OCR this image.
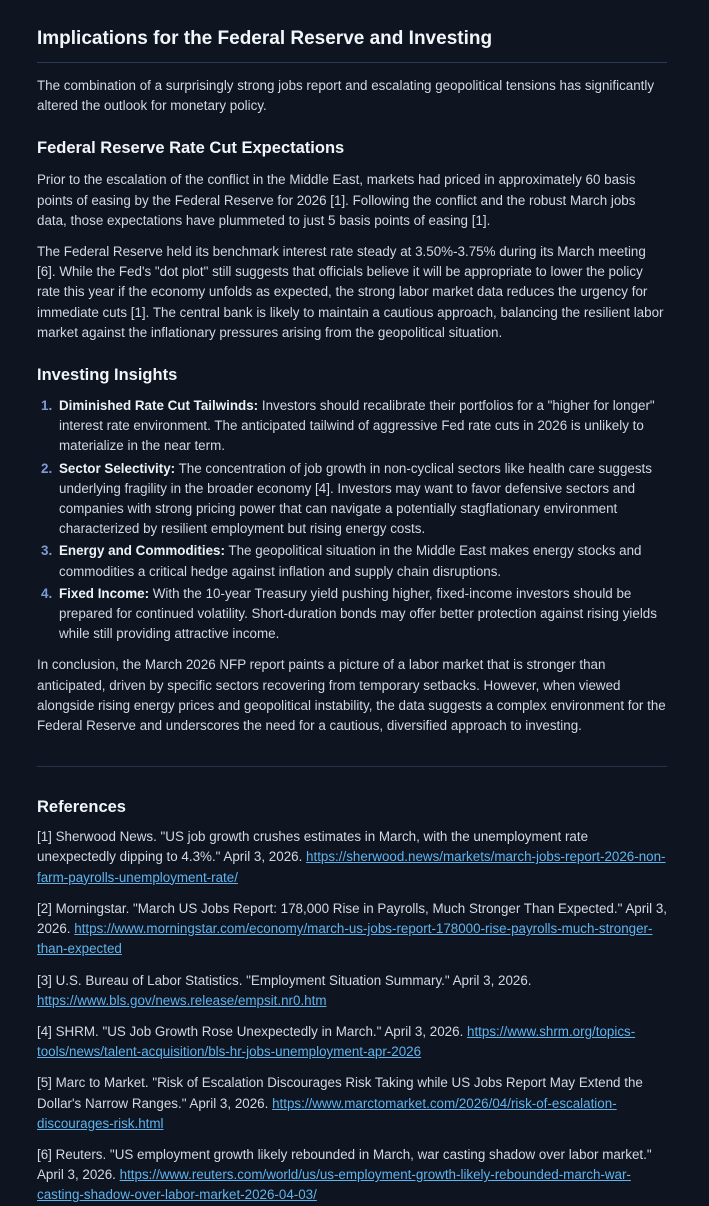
Implications for the Federal Reserve and Investing

The combination of a surprisingly strong jobs report and escalating geopolitical tensions has significantly altered the outlook for monetary policy.

Federal Reserve Rate Cut Expectations

Prior to the escalation of the conflict in the Middle East, markets had priced in approximately 60 basis points of easing by the Federal Reserve for 2026 [1]. Following the conflict and the robust March jobs data, those expectations have plummeted to just 5 basis points of easing [1].

The Federal Reserve held its benchmark interest rate steady at 3.50%-3.75% during its March meeting [6]. While the Fed's "dot plot" still suggests that officials believe it will be appropriate to lower the policy rate this year if the economy unfolds as expected, the strong labor market data reduces the urgency for immediate cuts [1]. The central bank is likely to maintain a cautious approach, balancing the resilient labor market against the inflationary pressures arising from the geopolitical situation.

Investing Insights
1. Diminished Rate Cut Tailwinds: Investors should recalibrate their portfolios for a "higher for longer" interest rate environment. The anticipated tailwind of aggressive Fed rate cuts in 2026 is unlikely to materialize in the near term.
2. Sector Selectivity: The concentration of job growth in non-cyclical sectors like health care suggests underlying fragility in the broader economy [4]. Investors may want to favor defensive sectors and companies with strong pricing power that can navigate a potentially stagflationary environment characterized by resilient employment but rising energy costs.
3. Energy and Commodities: The geopolitical situation in the Middle East makes energy stocks and commodities a critical hedge against inflation and supply chain disruptions.
4. Fixed Income: With the 10-year Treasury yield pushing higher, fixed-income investors should be prepared for continued volatility. Short-duration bonds may offer better protection against rising yields while still providing attractive income.

In conclusion, the March 2026 NFP report paints a picture of a labor market that is stronger than anticipated, driven by specific sectors recovering from temporary setbacks. However, when viewed alongside rising energy prices and geopolitical instability, the data suggests a complex environment for the Federal Reserve and underscores the need for a cautious, diversified approach to investing.

References
[1] Sherwood News. "US job growth crushes estimates in March, with the unemployment rate unexpectedly dipping to 4.3%." April 3, 2026. https://sherwood.news/markets/march-jobs-report-2026-non-farm-payrolls-unemployment-rate/
[2] Morningstar. "March US Jobs Report: 178,000 Rise in Payrolls, Much Stronger Than Expected." April 3, 2026. https://www.morningstar.com/economy/march-us-jobs-report-178000-rise-payrolls-much-stronger-than-expected
[3] U.S. Bureau of Labor Statistics. "Employment Situation Summary." April 3, 2026. https://www.bls.gov/news.release/empsit.nr0.htm
[4] SHRM. "US Job Growth Rose Unexpectedly in March." April 3, 2026. https://www.shrm.org/topics-tools/news/talent-acquisition/bls-hr-jobs-unemployment-apr-2026
[5] Marc to Market. "Risk of Escalation Discourages Risk Taking while US Jobs Report May Extend the Dollar's Narrow Ranges." April 3, 2026. https://www.marctomarket.com/2026/04/risk-of-escalation-discourages-risk.html
[6] Reuters. "US employment growth likely rebounded in March, war casting shadow over labor market." April 3, 2026. https://www.reuters.com/world/us/us-employment-growth-likely-rebounded-march-war-casting-shadow-over-labor-market-2026-04-03/
